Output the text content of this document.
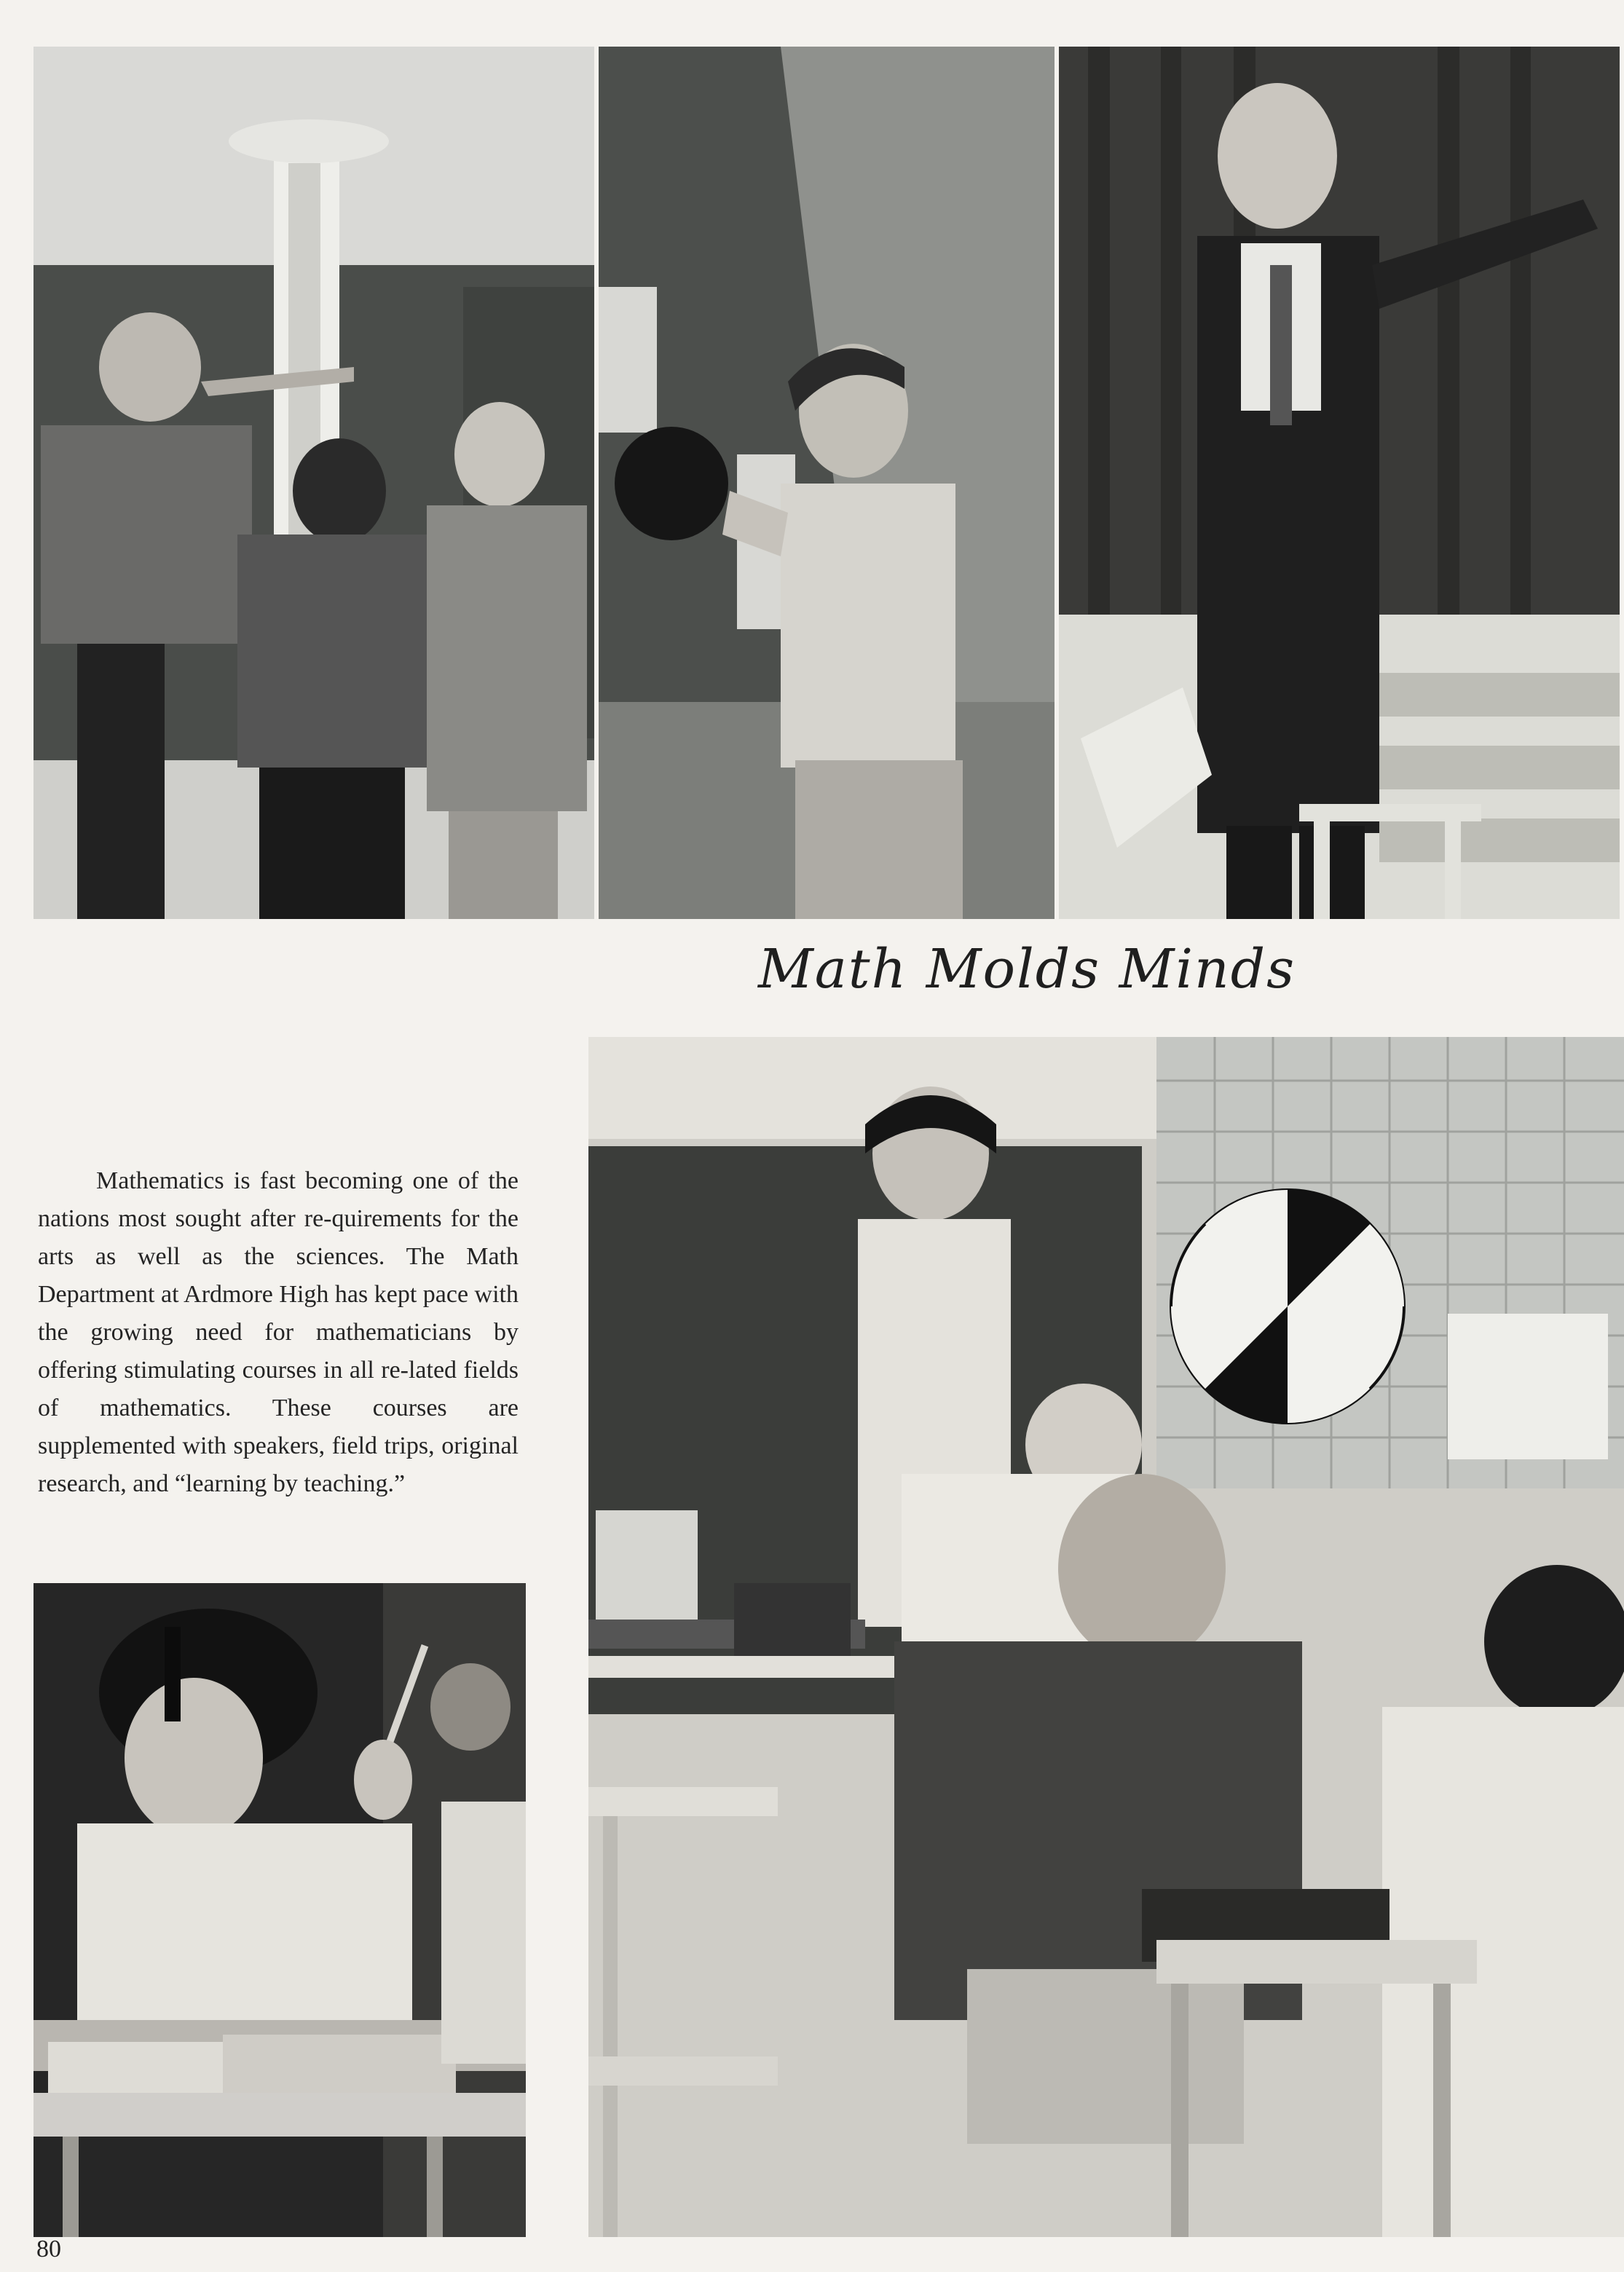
Math Molds Minds

Mathematics is fast becoming one of the nations most sought after re-quirements for the arts as well as the sciences. The Math Department at Ardmore High has kept pace with the growing need for mathematicians by offering stimulating courses in all re-lated fields of mathematics. These courses are supplemented with speakers, field trips, original research, and “learning by teaching.”

80
